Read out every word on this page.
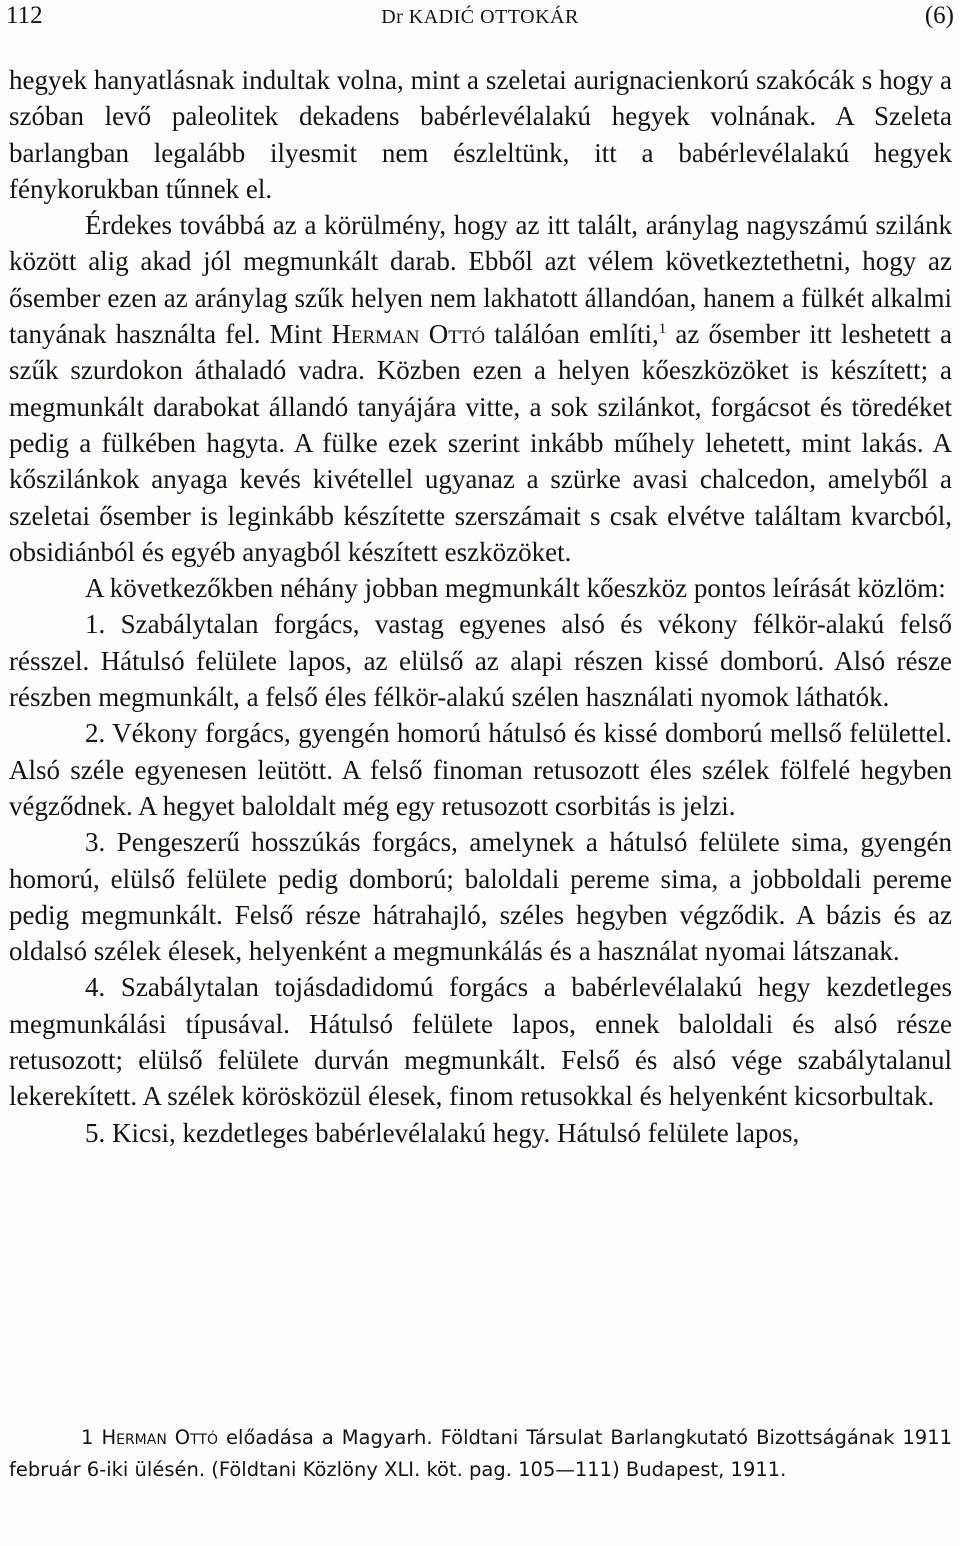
112	Dr KADIĆ OTTOKÁR	(6)

hegyek hanyatlásnak indultak volna, mint a szeletai aurignacienkorú szakócák s hogy a szóban levő paleolitek dekadens babérlevélalakú hegyek volnának. A Szeleta barlangban legalább ilyesmit nem észleltünk, itt a babérlevélalakú hegyek fénykorukban tűnnek el.

Érdekes továbbá az a körülmény, hogy az itt talált, aránylag nagyszámú szilánk között alig akad jól megmunkált darab. Ebből azt vélem következtethetni, hogy az ősember ezen az aránylag szűk helyen nem lakhatott állandóan, hanem a fülkét alkalmi tanyának használta fel. Mint Herman Ottó találóan említi,$^1$ az ősember itt leshetett a szűk szurdokon áthaladó vadra. Közben ezen a helyen kőeszközöket is készített; a megmunkált darabokat állandó tanyájára vitte, a sok szilánkot, forgácsot és töredéket pedig a fülkében hagyta. A fülke ezek szerint inkább műhely lehetett, mint lakás. A kőszilánkok anyaga kevés kivétellel ugyanaz a szürke avasi chalcedon, amelyből a szeletai ősember is leginkább készítette szerszámait s csak elvétve találtam kvarcból, obsidiánból és egyéb anyagból készített eszközöket.

A következőkben néhány jobban megmunkált kőeszköz pontos leírását közlöm:

1. Szabálytalan forgács, vastag egyenes alsó és vékony félkör-alakú felső résszel. Hátulsó felülete lapos, az elülső az alapi részen kissé domború. Alsó része részben megmunkált, a felső éles félkör-alakú szélen használati nyomok láthatók.

2. Vékony forgács, gyengén homorú hátulsó és kissé domború mellső felülettel. Alsó széle egyenesen leütött. A felső finoman retusozott éles szélek fölfelé hegyben végződnek. A hegyet baloldalt még egy retusozott csorbitás is jelzi.

3. Pengeszerű hosszúkás forgács, amelynek a hátulsó felülete sima, gyengén homorú, elülső felülete pedig domború; baloldali pereme sima, a jobboldali pereme pedig megmunkált. Felső része hátrahajló, széles hegyben végződik. A bázis és az oldalsó szélek élesek, helyenként a megmunkálás és a használat nyomai látszanak.

4. Szabálytalan tojásdadidomú forgács a babérlevélalakú hegy kezdetleges megmunkálási típusával. Hátulsó felülete lapos, ennek baloldali és alsó része retusozott; elülső felülete durván megmunkált. Felső és alsó vége szabálytalanul lekerekített. A szélek körösközül élesek, finom retusokkal és helyenként kicsorbultak.

5. Kicsi, kezdetleges babérlevélalakú hegy. Hátulsó felülete lapos,

1 Herman Ottó előadása a Magyarh. Földtani Társulat Barlangkutató Bizottságának 1911 február 6-iki ülésén. (Földtani Közlöny XLI. köt. pag. 105—111) Budapest, 1911.
